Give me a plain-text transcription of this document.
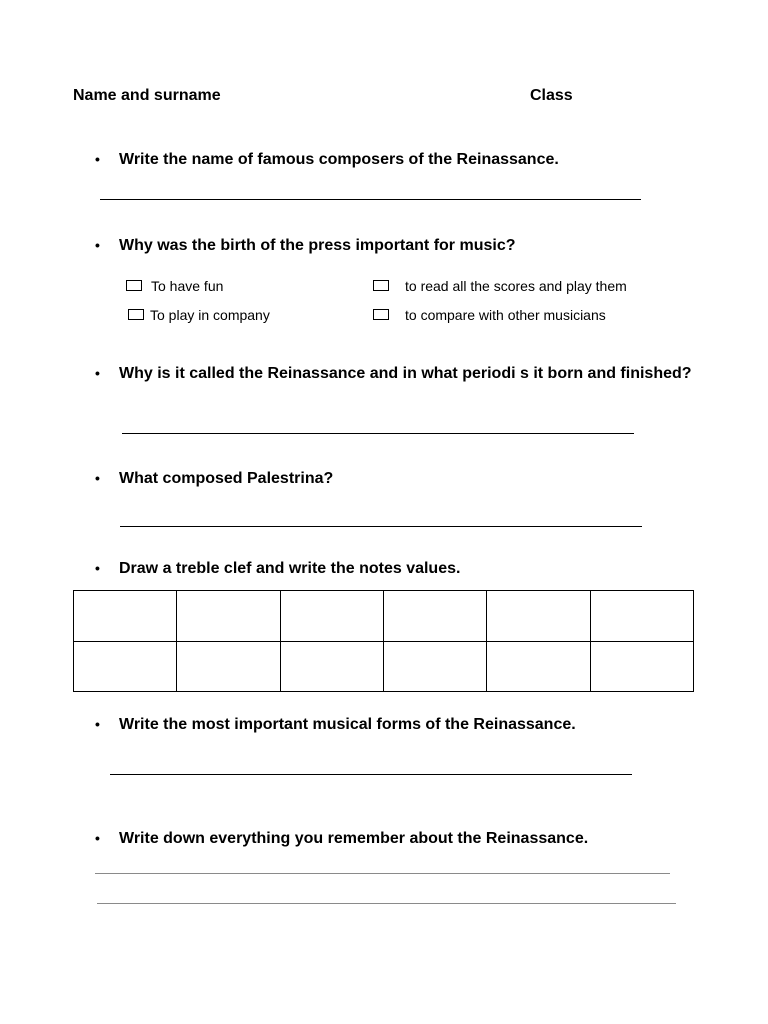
Name and surname	Class
•	Write the name of famous composers of the Reinassance.
•	Why was the birth of the press important for music?
To have fun	to read all the scores and play them
To play in company	to compare with other musicians
•	Why is it called the Reinassance and in what periodi s it born and finished?
•	What composed Palestrina?
•	Draw a treble clef and write the notes values.

•	Write the most important musical forms of the Reinassance.
•	Write down everything you remember about the Reinassance.
